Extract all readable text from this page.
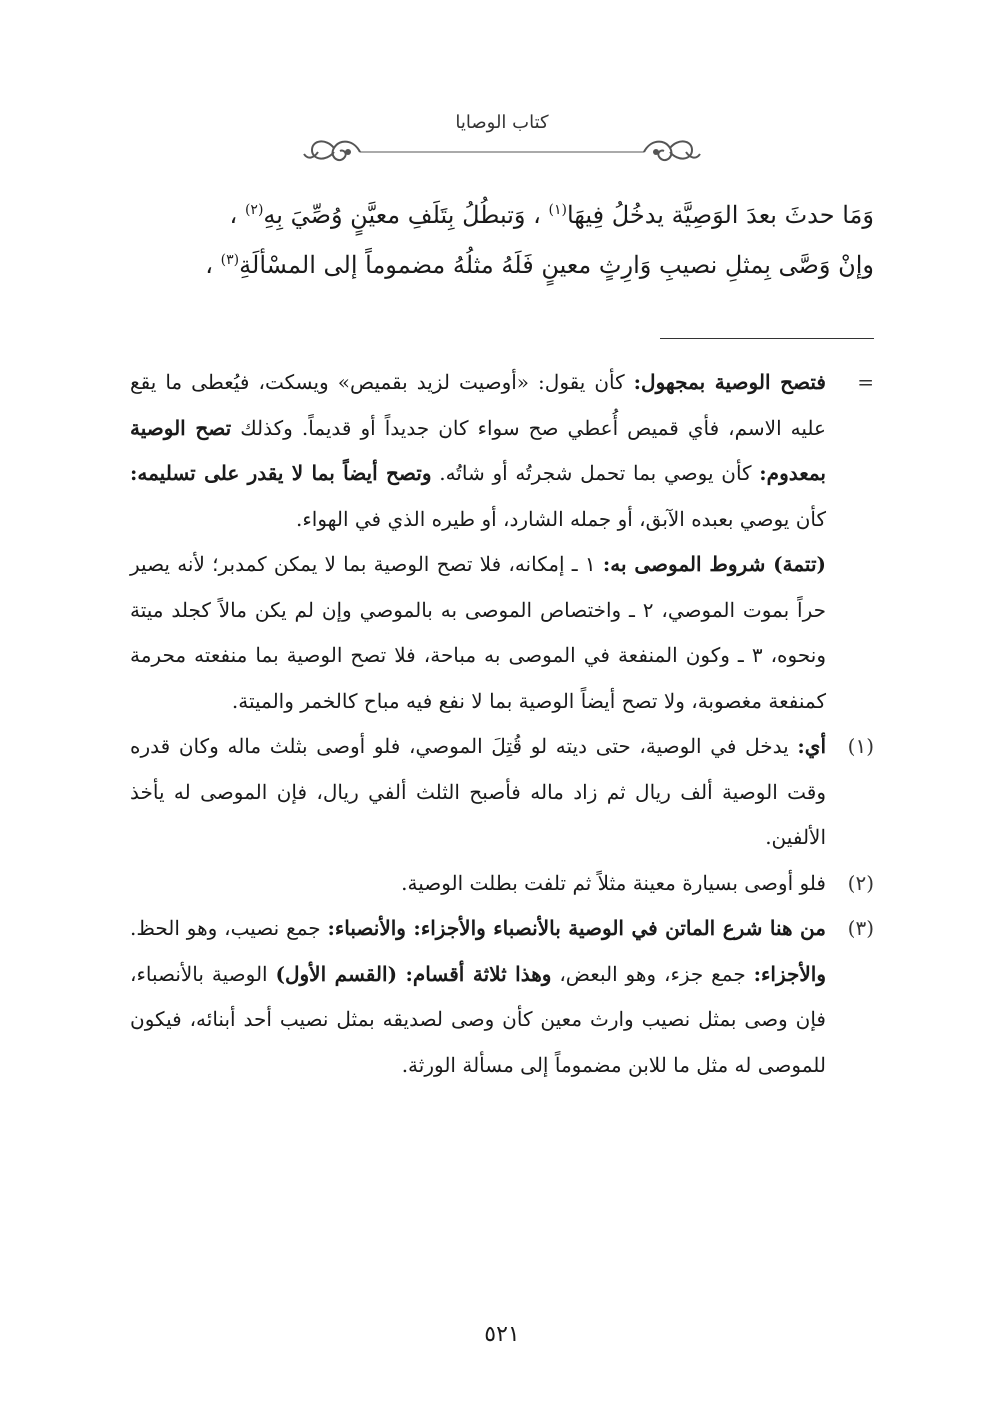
كتاب الوصايا

وَمَا حدثَ بعدَ الوَصِيَّة يدخُلُ فِيهَا$^{(١)}$ ، وَتبطُلُ بِتَلَفِ معيَّنٍ وُصِّيَ بِهِ$^{(٢)}$ ،

وإنْ وَصَّى بِمثلِ نصيبِ وَارِثٍ معينٍ فَلَهُ مثلُهُ مضموماً إلى المسْألَةِ$^{(٣)}$ ،

=
فتصح الوصية بمجهول: كأن يقول: «أوصيت لزيد بقميص» ويسكت، فيُعطى ما يقع عليه الاسم، فأي قميص أُعطي صح سواء كان جديداً أو قديماً. وكذلك تصح الوصية بمعدوم: كأن يوصي بما تحمل شجرتُه أو شاتُه. وتصح أيضاً بما لا يقدر على تسليمه: كأن يوصي بعبده الآبق، أو جمله الشارد، أو طيره الذي في الهواء.

(تتمة) شروط الموصى به: ١ ـ إمكانه، فلا تصح الوصية بما لا يمكن كمدبر؛ لأنه يصير حراً بموت الموصي، ٢ ـ واختصاص الموصى به بالموصي وإن لم يكن مالاً كجلد ميتة ونحوه، ٣ ـ وكون المنفعة في الموصى به مباحة، فلا تصح الوصية بما منفعته محرمة كمنفعة مغصوبة، ولا تصح أيضاً الوصية بما لا نفع فيه مباح كالخمر والميتة.

(١)
أي: يدخل في الوصية، حتى ديته لو قُتِلَ الموصي، فلو أوصى بثلث ماله وكان قدره وقت الوصية ألف ريال ثم زاد ماله فأصبح الثلث ألفي ريال، فإن الموصى له يأخذ الألفين.

(٢)
فلو أوصى بسيارة معينة مثلاً ثم تلفت بطلت الوصية.

(٣)
من هنا شرع الماتن في الوصية بالأنصباء والأجزاء: والأنصباء: جمع نصيب، وهو الحظ. والأجزاء: جمع جزء، وهو البعض، وهذا ثلاثة أقسام: (القسم الأول) الوصية بالأنصباء، فإن وصى بمثل نصيب وارث معين كأن وصى لصديقه بمثل نصيب أحد أبنائه، فيكون للموصى له مثل ما للابن مضموماً إلى مسألة الورثة.

٥٢١
